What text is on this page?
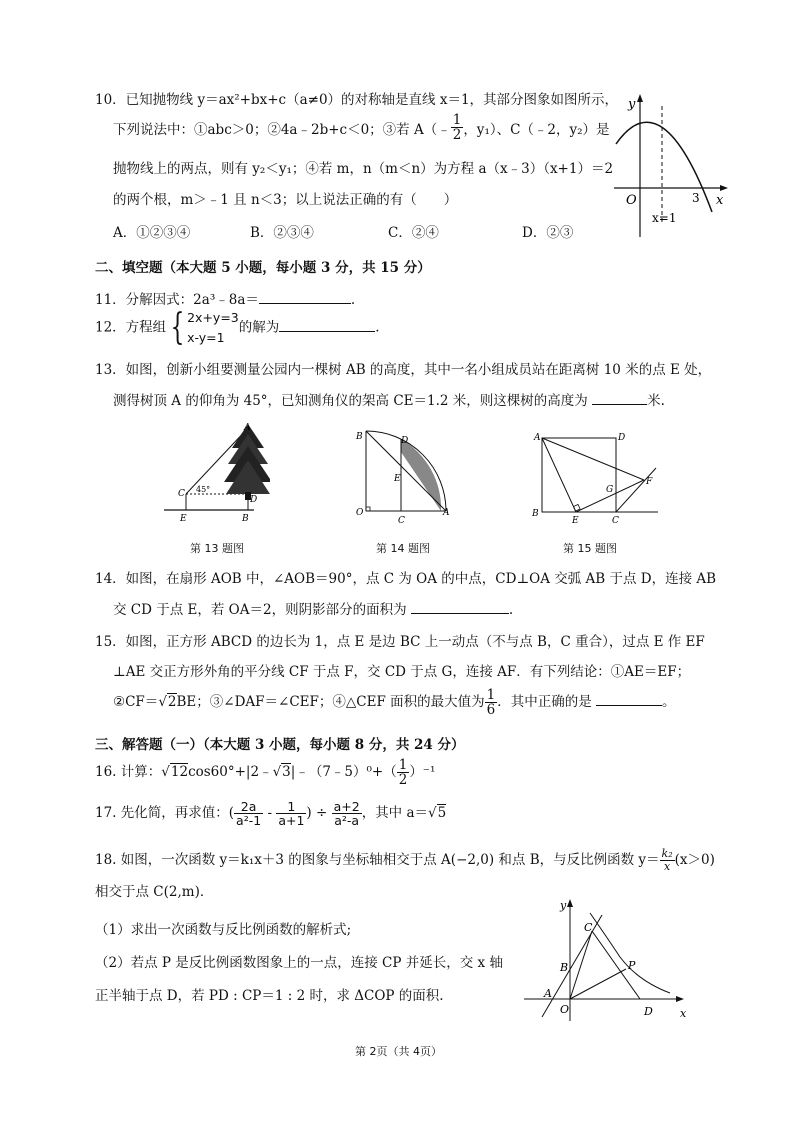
10．已知抛物线 y＝ax²+bx+c（a≠0）的对称轴是直线 x＝1，其部分图象如图所示，
下列说法中：①abc＞0；②4a﹣2b+c＜0；③若 A（﹣ $\frac{1}{2}$ ，y₁）、C（﹣2，y₂）是
抛物线上的两点，则有 y₂＜y₁；④若 m，n（m＜n）为方程 a（x﹣3）（x+1）＝2
的两个根，m＞﹣1 且 n＜3；以上说法正确的有（　　）
A．①②③④	B．②③④	C．②④	D．②③
y
x
O	3
x=1
二、填空题（本大题 5 小题，每小题 3 分，共 15 分）
11．分解因式：2a³﹣8a＝	.
12．方程组 { 2x+y=3
x-y=1
的解为	.
13．如图，创新小组要测量公园内一棵树 AB 的高度，其中一名小组成员站在距离树 10 米的点 E 处，
测得树顶 A 的仰角为 45°，已知测角仪的架高 CE＝1.2 米，则这棵树的高度为	米.
A
C
D
45°
E	B
第 13 题图
B	D
E
O
C
A
第 14 题图
A	D
G
F
B
E	C
第 15 题图
14．如图，在扇形 AOB 中，∠AOB＝90°，点 C 为 OA 的中点，CD⊥OA 交弧 AB 于点 D，连接 AB
交 CD 于点 E，若 OA＝2，则阴影部分的面积为	.
15．如图，正方形 ABCD 的边长为 1，点 E 是边 BC 上一动点（不与点 B，C 重合），过点 E 作 EF
⊥AE 交正方形外角的平分线 CF 于点 F，交 CD 于点 G，连接 AF．有下列结论：①AE＝EF；
②CF＝√2BE；③∠DAF＝∠CEF；④△CEF 面积的最大值为 $\frac{1}{6}$ ．其中正确的是	。
三、解答题（一）（本大题 3 小题，每小题 8 分，共 24 分）
16. 计算：√12cos60°+|2﹣√3|﹣（7﹣5）⁰+（ $\frac{1}{2} )^{-1}$
17. 先化简，再求值：( $\frac{2a}{\text{a²-1}} - \frac{1}{a+1}$ ) ÷ $\frac{a+2}{\text{a²-a}}$ ，其中 a＝√5
18. 如图，一次函数 y＝k₁x＋3 的图象与坐标轴相交于点 A(−2,0) 和点 B，与反比例函数 $y= \frac{\text{k₂}}{x} (x>0)$
相交于点 C(2,m)．
（1）求出一次函数与反比例函数的解析式;
（2）若点 P 是反比例函数图象上的一点，连接 CP 并延长，交 x 轴
正半轴于点 D，若 PD : CP＝1 : 2 时，求 ΔCOP 的面积.
y
x
C
B	P
A
O	D
第 2页（共 4页）
